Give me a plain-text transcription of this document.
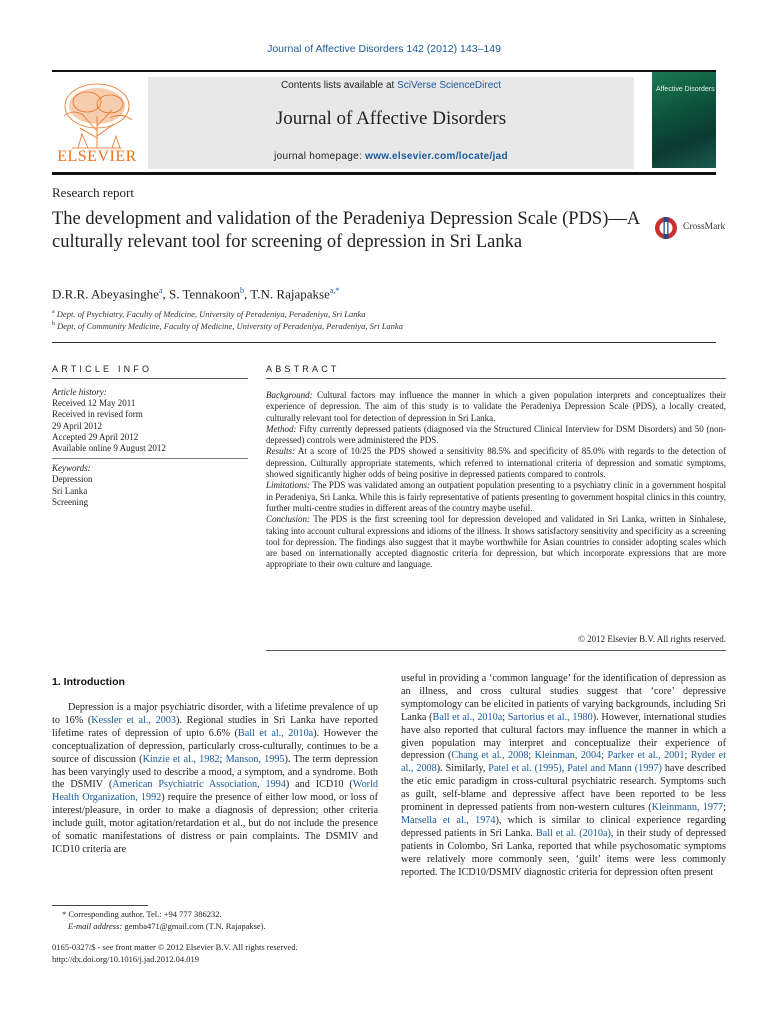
Journal of Affective Disorders 142 (2012) 143–149
ELSEVIER
Contents lists available at SciVerse ScienceDirect
Journal of Affective Disorders
journal homepage: www.elsevier.com/locate/jad
Affective Disorders
Research report
The development and validation of the Peradeniya Depression Scale (PDS)—A culturally relevant tool for screening of depression in Sri Lanka
CrossMark
D.R.R. Abeyasinghe$^a$, S. Tennakoon$^b$, T.N. Rajapakse$^{a,*}$
$^a$ Dept. of Psychiatry, Faculty of Medicine, University of Peradeniya, Peradeniya, Sri Lanka
$^b$ Dept. of Community Medicine, Faculty of Medicine, University of Peradeniya, Peradeniya, Sri Lanka
ARTICLE INFO
Article history:
Received 12 May 2011
Received in revised form
29 April 2012
Accepted 29 April 2012
Available online 9 August 2012
Keywords:
Depression
Sri Lanka
Screening
ABSTRACT

Background: Cultural factors may influence the manner in which a given population interprets and conceptualizes their experience of depression. The aim of this study is to validate the Peradeniya Depression Scale (PDS), a locally created, culturally relevant tool for detection of depression in Sri Lanka.

Method: Fifty currently depressed patients (diagnosed via the Structured Clinical Interview for DSM Disorders) and 50 (non-depressed) controls were administered the PDS.

Results: At a score of 10/25 the PDS showed a sensitivity 88.5% and specificity of 85.0% with regards to the detection of depression. Culturally appropriate statements, which referred to international criteria of depression and somatic symptoms, showed significantly higher odds of being positive in depressed patients compared to controls.

Limitations: The PDS was validated among an outpatient population presenting to a psychiatry clinic in a government hospital in Peradeniya, Sri Lanka. While this is fairly representative of patients presenting to government hospital clinics in this country, further multi-centre studies in different areas of the country maybe useful.

Conclusion: The PDS is the first screening tool for depression developed and validated in Sri Lanka, written in Sinhalese, taking into account cultural expressions and idioms of the illness. It shows satisfactory sensitivity and specificity as a screening tool for depression. The findings also suggest that it maybe worthwhile for Asian countries to consider adopting scales which are based on internationally accepted diagnostic criteria for depression, but which incorporate expressions that are more appropriate to their own culture and language.

© 2012 Elsevier B.V. All rights reserved.
1. Introduction
Depression is a major psychiatric disorder, with a lifetime prevalence of up to 16% (Kessler et al., 2003). Regional studies in Sri Lanka have reported lifetime rates of depression of upto 6.6% (Ball et al., 2010a). However the conceptualization of depression, particularly cross-culturally, continues to be a source of discussion (Kinzie et al., 1982; Manson, 1995). The term depression has been varyingly used to describe a mood, a symptom, and a syndrome. Both the DSMIV (American Psychiatric Association, 1994) and ICD10 (World Health Organization, 1992) require the presence of either low mood, or loss of interest/pleasure, in order to make a diagnosis of depression; other criteria include guilt, motor agitation/retardation et al., but do not include the presence of somatic manifestations of distress or pain complaints. The DSMIV and ICD10 criteria are
useful in providing a ‘common language’ for the identification of depression as an illness, and cross cultural studies suggest that ‘core’ depressive symptomology can be elicited in patients of varying backgrounds, including Sri Lanka (Ball et al., 2010a; Sartorius et al., 1980). However, international studies have also reported that cultural factors may influence the manner in which a given population may interpret and conceptualize their experience of depression (Chang et al., 2008; Kleinman, 2004; Parker et al., 2001; Ryder et al., 2008). Similarly, Patel et al. (1995), Patel and Mann (1997) have described the etic emic paradigm in cross-cultural psychiatric research. Symptoms such as guilt, self-blame and depressive affect have been reported to be less prominent in depressed patients from non-western cultures (Kleinmann, 1977; Marsella et al., 1974), which is similar to clinical experience regarding depressed patients in Sri Lanka. Ball et al. (2010a), in their study of depressed patients in Colombo, Sri Lanka, reported that while psychosomatic symptoms were relatively more commonly seen, ‘guilt’ items were less commonly reported. The ICD10/DSMIV diagnostic criteria for depression often present
* Corresponding author. Tel.: +94 777 386232.
E-mail address: gemba471@gmail.com (T.N. Rajapakse).
0165-0327/$ - see front matter © 2012 Elsevier B.V. All rights reserved.
http://dx.doi.org/10.1016/j.jad.2012.04.019
